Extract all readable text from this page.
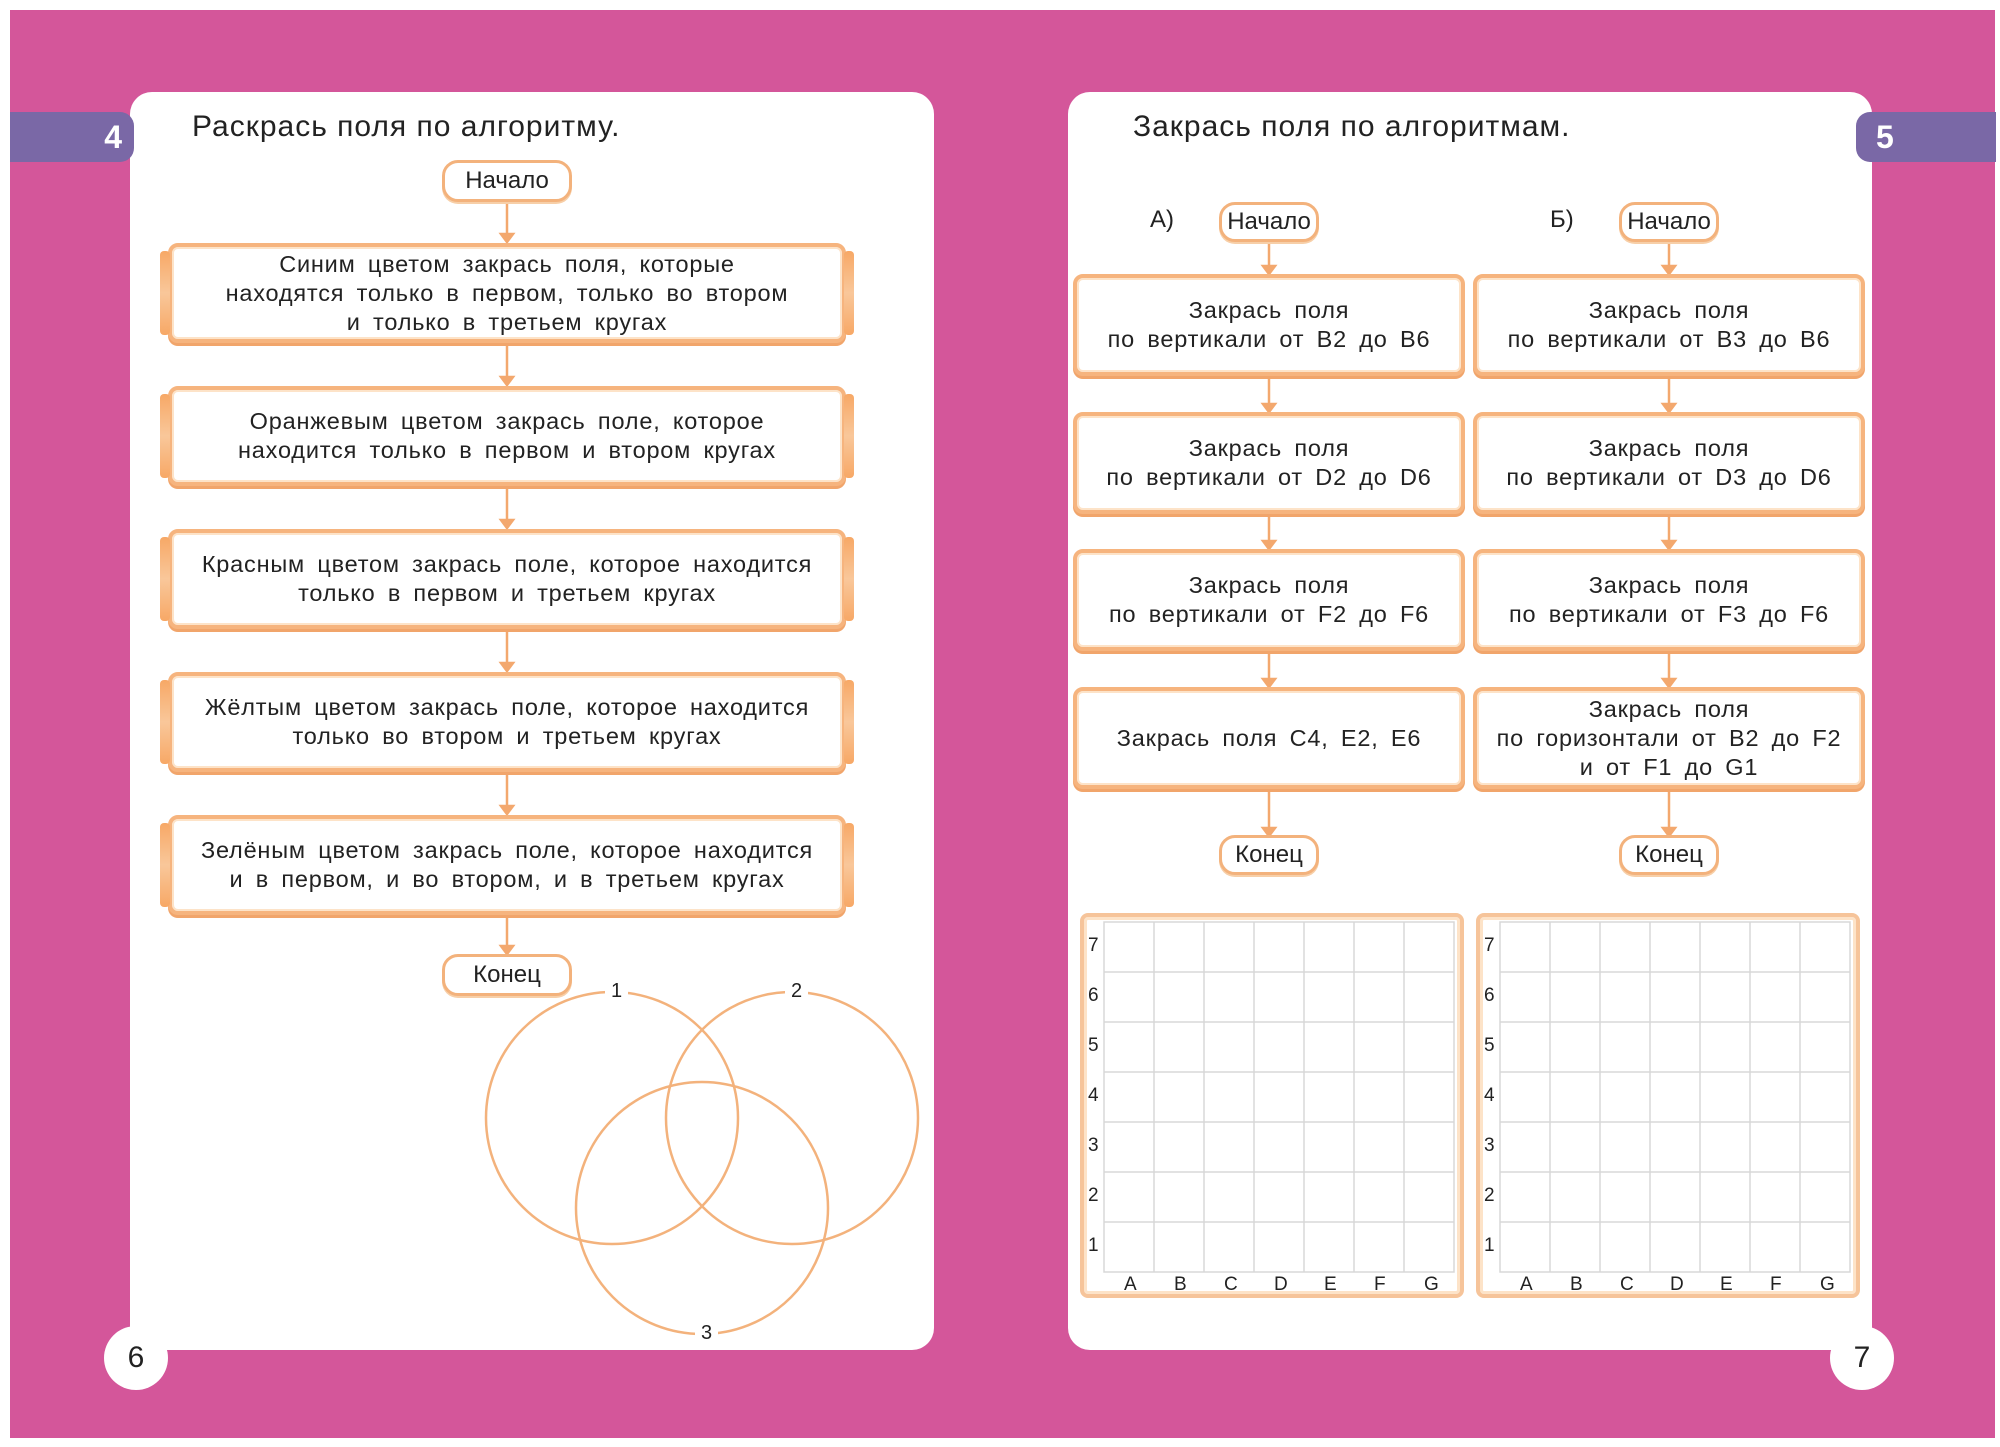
4 Раскрась поля по алгоритму.
Начало
Синим цветом закрась поля, которые
находятся только в первом, только во втором
и только в третьем кругах
Оранжевым цветом закрась поле, которое
находится только в первом и втором кругах
Красным цветом закрась поле, которое находится
только в первом и третьем кругах
Жёлтым цветом закрась поле, которое находится
только во втором и третьем кругах
Зелёным цветом закрась поле, которое находится
и в первом, и во втором, и в третьем кругах
Конец
1	2
3
6
5
Закрась поля по алгоритмам.
А)	Начало
Закрась поля
по вертикали от В2 до В6
Закрась поля
по вертикали от D2 до D6
Закрась поля
по вертикали от F2 до F6
Закрась поля С4, Е2, Е6
Конец
Б)	Начало
Закрась поля
по вертикали от В3 до В6
Закрась поля
по вертикали от D3 до D6
Закрась поля
по вертикали от F3 до F6
Закрась поля
по горизонтали от В2 до F2
и от F1 до G1
Конец
7
6
5
4
3
2
1
A B C D E F G
7
6
5
4
3
2
1
A B C D E F G
7
